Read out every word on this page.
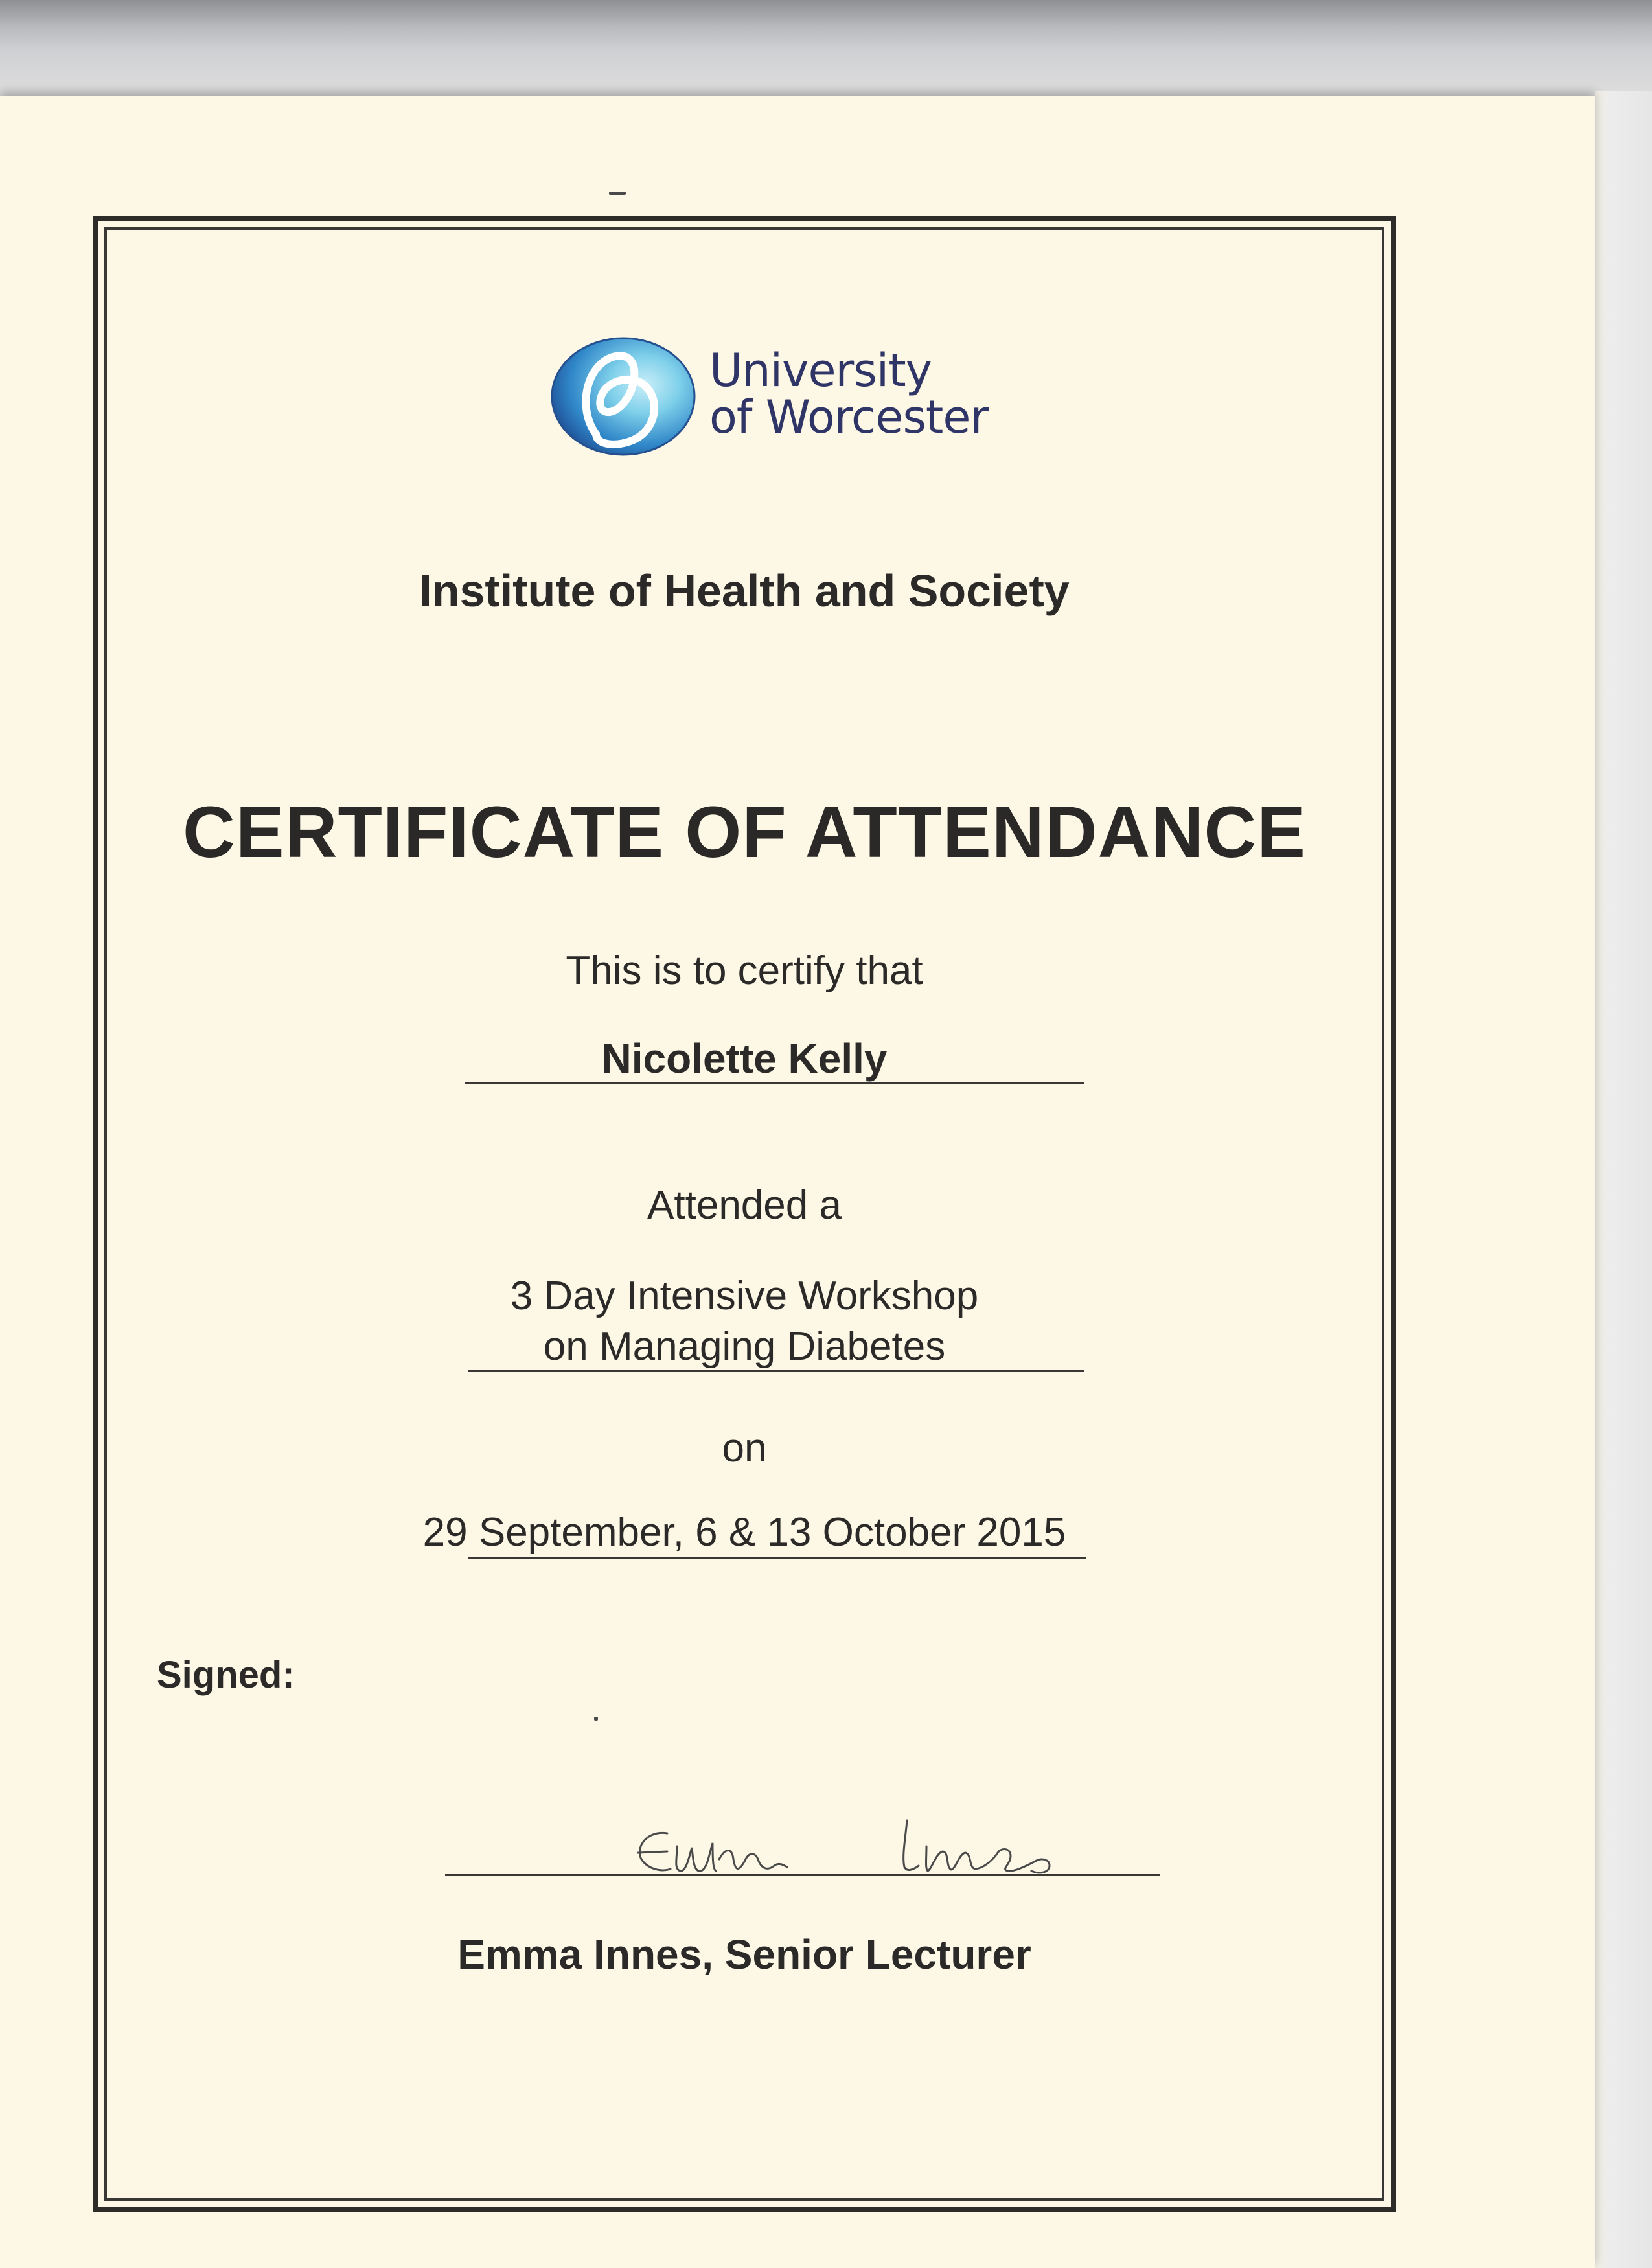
University
of Worcester
Institute of Health and Society
CERTIFICATE OF ATTENDANCE
This is to certify that
Nicolette Kelly
Attended a
3 Day Intensive Workshop
on Managing Diabetes
on
29 September, 6 & 13 October 2015
Signed:
Emma Innes, Senior Lecturer
